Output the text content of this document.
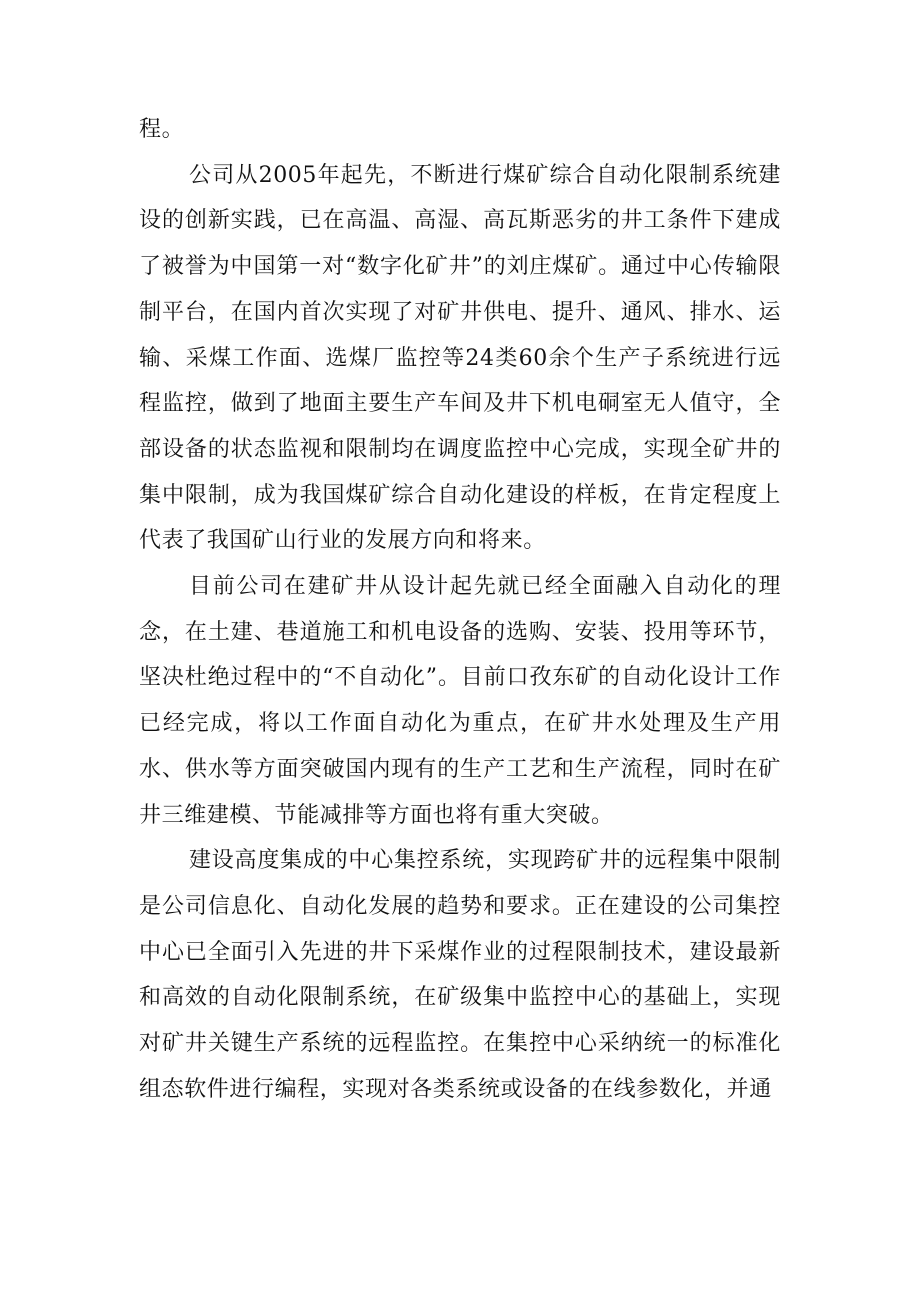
程。

公司从2005年起先，不断进行煤矿综合自动化限制系统建设的创新实践，已在高温、高湿、高瓦斯恶劣的井工条件下建成了被誉为中国第一对“数字化矿井”的刘庄煤矿。通过中心传输限制平台，在国内首次实现了对矿井供电、提升、通风、排水、运输、采煤工作面、选煤厂监控等24类60余个生产子系统进行远程监控，做到了地面主要生产车间及井下机电硐室无人值守，全部设备的状态监视和限制均在调度监控中心完成，实现全矿井的集中限制，成为我国煤矿综合自动化建设的样板，在肯定程度上代表了我国矿山行业的发展方向和将来。

目前公司在建矿井从设计起先就已经全面融入自动化的理念，在土建、巷道施工和机电设备的选购、安装、投用等环节，坚决杜绝过程中的“不自动化”。目前口孜东矿的自动化设计工作已经完成，将以工作面自动化为重点，在矿井水处理及生产用水、供水等方面突破国内现有的生产工艺和生产流程，同时在矿井三维建模、节能减排等方面也将有重大突破。

建设高度集成的中心集控系统，实现跨矿井的远程集中限制是公司信息化、自动化发展的趋势和要求。正在建设的公司集控中心已全面引入先进的井下采煤作业的过程限制技术，建设最新和高效的自动化限制系统，在矿级集中监控中心的基础上，实现对矿井关键生产系统的远程监控。在集控中心采纳统一的标准化组态软件进行编程，实现对各类系统或设备的在线参数化，并通
